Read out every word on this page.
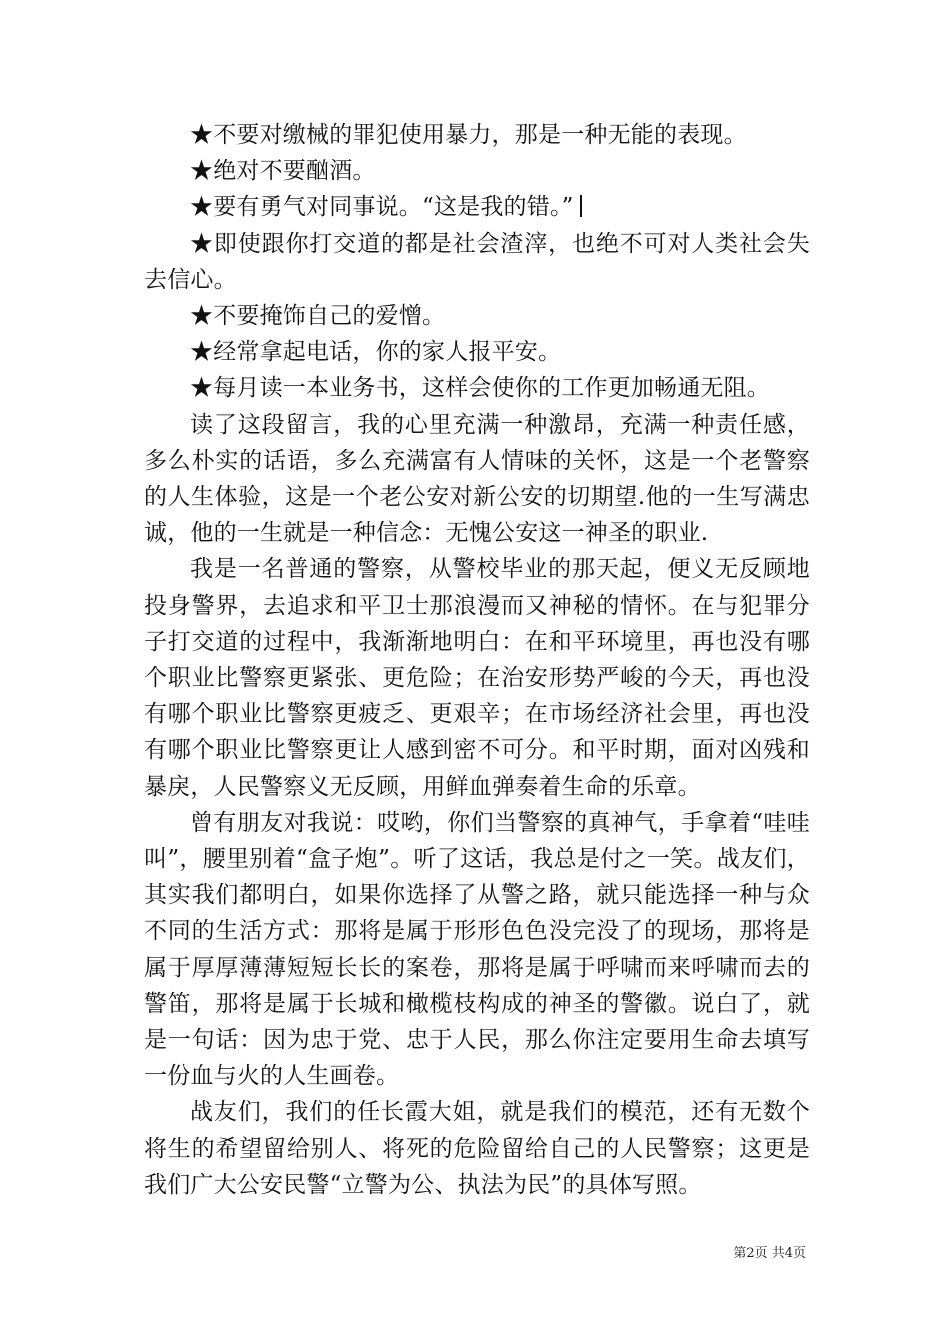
★不要对缴械的罪犯使用暴力，那是一种无能的表现。

★绝对不要酗酒。

★要有勇气对同事说。“这是我的错。”

★即使跟你打交道的都是社会渣滓，也绝不可对人类社会失去信心。

★不要掩饰自己的爱憎。

★经常拿起电话，你的家人报平安。

★每月读一本业务书，这样会使你的工作更加畅通无阻。

读了这段留言，我的心里充满一种激昂，充满一种责任感，多么朴实的话语，多么充满富有人情味的关怀，这是一个老警察的人生体验，这是一个老公安对新公安的切期望.他的一生写满忠诚，他的一生就是一种信念：无愧公安这一神圣的职业.

我是一名普通的警察，从警校毕业的那天起，便义无反顾地投身警界，去追求和平卫士那浪漫而又神秘的情怀。在与犯罪分子打交道的过程中，我渐渐地明白：在和平环境里，再也没有哪个职业比警察更紧张、更危险；在治安形势严峻的今天，再也没有哪个职业比警察更疲乏、更艰辛；在市场经济社会里，再也没有哪个职业比警察更让人感到密不可分。和平时期，面对凶残和暴戾，人民警察义无反顾，用鲜血弹奏着生命的乐章。

曾有朋友对我说：哎哟，你们当警察的真神气，手拿着“哇哇叫”，腰里别着“盒子炮”。听了这话，我总是付之一笑。战友们，其实我们都明白，如果你选择了从警之路，就只能选择一种与众不同的生活方式：那将是属于形形色色没完没了的现场，那将是属于厚厚薄薄短短长长的案卷，那将是属于呼啸而来呼啸而去的警笛，那将是属于长城和橄榄枝构成的神圣的警徽。说白了，就是一句话：因为忠于党、忠于人民，那么你注定要用生命去填写一份血与火的人生画卷。

战友们，我们的任长霞大姐，就是我们的模范，还有无数个将生的希望留给别人、将死的危险留给自己的人民警察；这更是我们广大公安民警“立警为公、执法为民”的具体写照。

第2页 共4页
